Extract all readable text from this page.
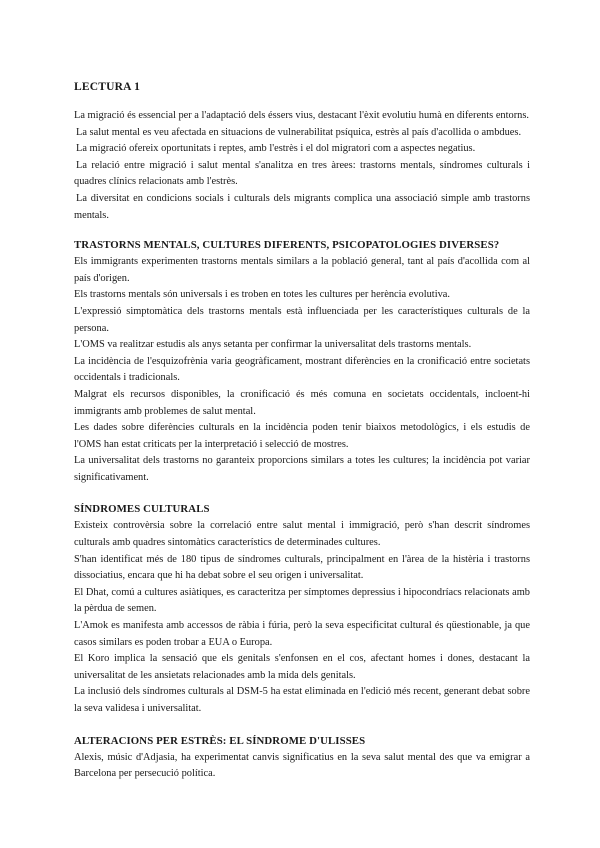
LECTURA 1

La migració és essencial per a l'adaptació dels éssers vius, destacant l'èxit evolutiu humà en diferents entorns.

La salut mental es veu afectada en situacions de vulnerabilitat psíquica, estrès al país d'acollida o ambdues.

La migració ofereix oportunitats i reptes, amb l'estrès i el dol migratori com a aspectes negatius.

La relació entre migració i salut mental s'analitza en tres àrees: trastorns mentals, síndromes culturals i quadres clínics relacionats amb l'estrès.

La diversitat en condicions socials i culturals dels migrants complica una associació simple amb trastorns mentals.

TRASTORNS MENTALS, CULTURES DIFERENTS, PSICOPATOLOGIES DIVERSES?

Els immigrants experimenten trastorns mentals similars a la població general, tant al país d'acollida com al país d'origen.

Els trastorns mentals són universals i es troben en totes les cultures per herència evolutiva.

L'expressió simptomàtica dels trastorns mentals està influenciada per les característiques culturals de la persona.

L'OMS va realitzar estudis als anys setanta per confirmar la universalitat dels trastorns mentals.

La incidència de l'esquizofrènia varia geogràficament, mostrant diferències en la cronificació entre societats occidentals i tradicionals.

Malgrat els recursos disponibles, la cronificació és més comuna en societats occidentals, incloent-hi immigrants amb problemes de salut mental.

Les dades sobre diferències culturals en la incidència poden tenir biaixos metodològics, i els estudis de l'OMS han estat criticats per la interpretació i selecció de mostres.

La universalitat dels trastorns no garanteix proporcions similars a totes les cultures; la incidència pot variar significativament.

SÍNDROMES CULTURALS

Existeix controvèrsia sobre la correlació entre salut mental i immigració, però s'han descrit síndromes culturals amb quadres sintomàtics característics de determinades cultures.

S'han identificat més de 180 tipus de síndromes culturals, principalment en l'àrea de la histèria i trastorns dissociatius, encara que hi ha debat sobre el seu origen i universalitat.

El Dhat, comú a cultures asiàtiques, es caracteritza per símptomes depressius i hipocondríacs relacionats amb la pèrdua de semen.

L'Amok es manifesta amb accessos de ràbia i fúria, però la seva especificitat cultural és qüestionable, ja que casos similars es poden trobar a EUA o Europa.

El Koro implica la sensació que els genitals s'enfonsen en el cos, afectant homes i dones, destacant la universalitat de les ansietats relacionades amb la mida dels genitals.

La inclusió dels síndromes culturals al DSM-5 ha estat eliminada en l'edició més recent, generant debat sobre la seva validesa i universalitat.

ALTERACIONS PER ESTRÈS: EL SÍNDROME D'ULISSES

Alexis, músic d'Adjasia, ha experimentat canvis significatius en la seva salut mental des que va emigrar a Barcelona per persecució política.
